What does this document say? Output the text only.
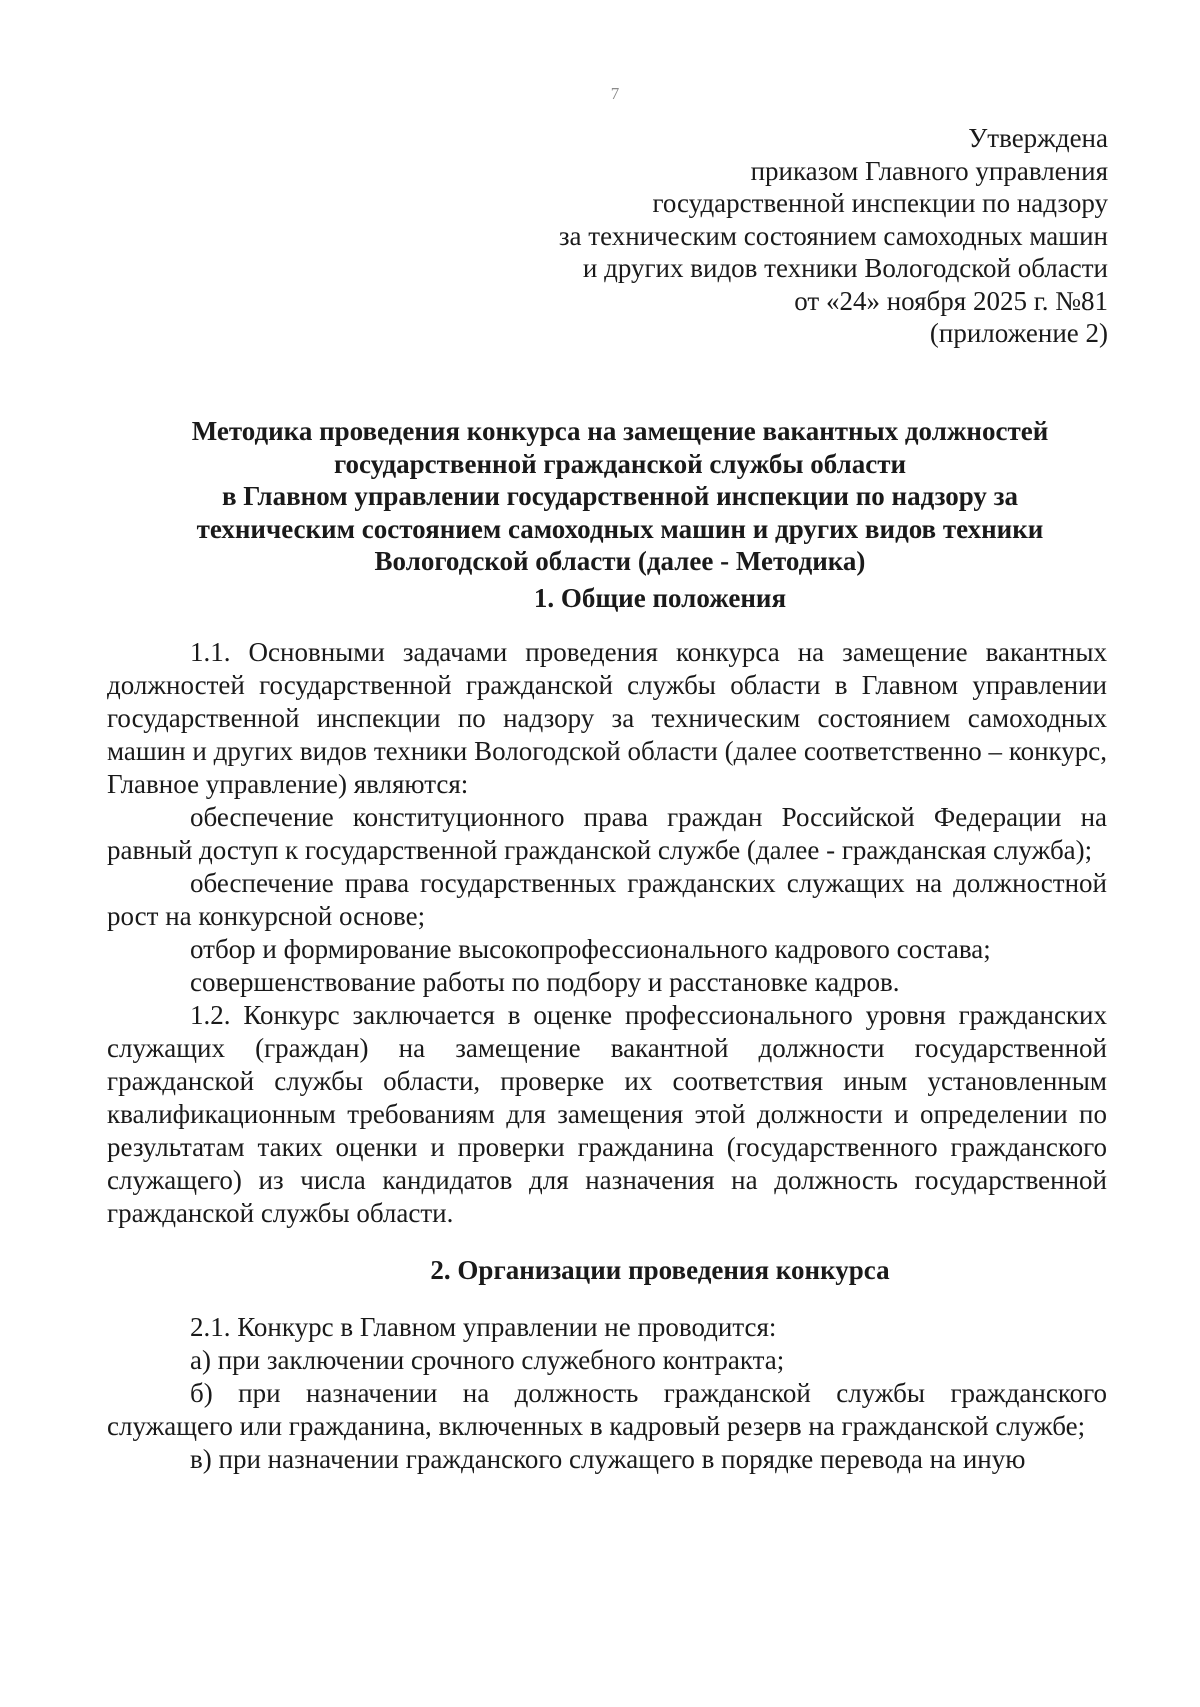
7
Утверждена
приказом Главного управления
государственной инспекции по надзору
за техническим состоянием самоходных машин
и других видов техники Вологодской области
от «24» ноября 2025 г. №81
(приложение 2)
Методика проведения конкурса на замещение вакантных должностей
государственной гражданской службы области
в Главном управлении государственной инспекции по надзору за
техническим состоянием самоходных машин и других видов техники
Вологодской области (далее - Методика)
1. Общие положения

1.1. Основными задачами проведения конкурса на замещение вакантных должностей государственной гражданской службы области в Главном управлении государственной инспекции по надзору за техническим состоянием самоходных машин и других видов техники Вологодской области (далее соответственно – конкурс, Главное управление) являются:

обеспечение конституционного права граждан Российской Федерации на равный доступ к государственной гражданской службе (далее - гражданская служба);

обеспечение права государственных гражданских служащих на должностной рост на конкурсной основе;

отбор и формирование высокопрофессионального кадрового состава;

совершенствование работы по подбору и расстановке кадров.

1.2. Конкурс заключается в оценке профессионального уровня гражданских служащих (граждан) на замещение вакантной должности государственной гражданской службы области, проверке их соответствия иным установленным квалификационным требованиям для замещения этой должности и определении по результатам таких оценки и проверки гражданина (государственного гражданского служащего) из числа кандидатов для назначения на должность государственной гражданской службы области.

2. Организации проведения конкурса

2.1. Конкурс в Главном управлении не проводится:

а) при заключении срочного служебного контракта;

б) при назначении на должность гражданской службы гражданского служащего или гражданина, включенных в кадровый резерв на гражданской службе;

в) при назначении гражданского служащего в порядке перевода на иную
